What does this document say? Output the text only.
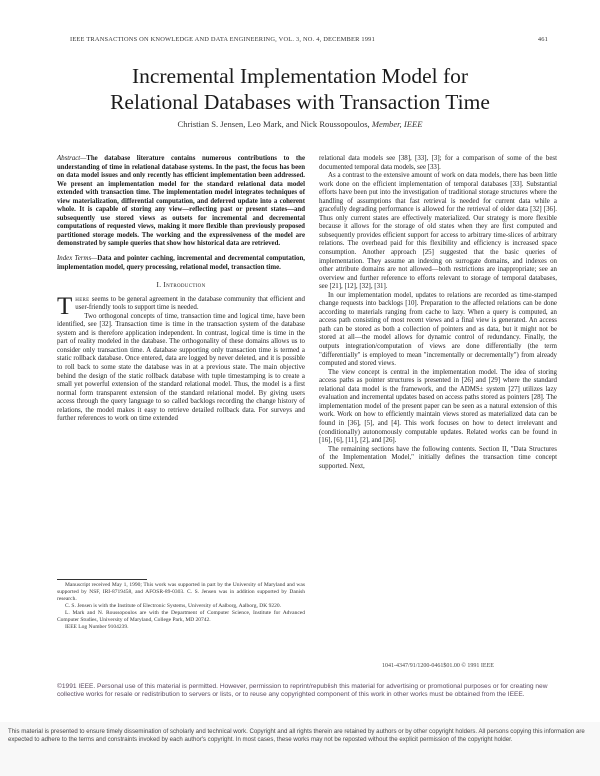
IEEE TRANSACTIONS ON KNOWLEDGE AND DATA ENGINEERING, VOL. 3, NO. 4, DECEMBER 1991	461
Incremental Implementation Model for
Relational Databases with Transaction Time
Christian S. Jensen, Leo Mark, and Nick Roussopoulos, Member, IEEE
Abstract—The database literature contains numerous contributions to the understanding of time in relational database systems. In the past, the focus has been on data model issues and only recently has efficient implementation been addressed. We present an implementation model for the standard relational data model extended with transaction time. The implementation model integrates techniques of view materialization, differential computation, and deferred update into a coherent whole. It is capable of storing any view—reflecting past or present states—and subsequently use stored views as outsets for incremental and decremental computations of requested views, making it more flexible than previously proposed partitioned storage models. The working and the expressiveness of the model are demonstrated by sample queries that show how historical data are retrieved.
Index Terms—Data and pointer caching, incremental and decremental computation, implementation model, query processing, relational model, transaction time.
I. Introduction

There seems to be general agreement in the database community that efficient and user-friendly tools to support time is needed.

Two orthogonal concepts of time, transaction time and logical time, have been identified, see [32]. Transaction time is time in the transaction system of the database system and is therefore application independent. In contrast, logical time is time in the part of reality modeled in the database. The orthogonality of these domains allows us to consider only transaction time. A database supporting only transaction time is termed a static rollback database. Once entered, data are logged by never deleted, and it is possible to roll back to some state the database was in at a previous state. The main objective behind the design of the static rollback database with tuple timestamping is to create a small yet powerful extension of the standard relational model. Thus, the model is a first normal form transparent extension of the standard relational model. By giving users access through the query language to so called backlogs recording the change history of relations, the model makes it easy to retrieve detailed rollback data. For surveys and further references to work on time extended

Manuscript received May 1, 1990; This work was supported in part by the University of Maryland and was supported by NSF, IRI-8719458, and AFOSR-89-0303. C. S. Jensen was in addition supported by Danish research.

C. S. Jensen is with the Institute of Electronic Systems, University of Aalborg, Aalborg, DK 9220.

L. Mark and N. Roussopoulos are with the Department of Computer Science, Institute for Advanced Computer Studies, University of Maryland, College Park, MD 20742.

IEEE Log Number 9104239.

relational data models see [38], [33], [3]; for a comparison of some of the best documented temporal data models, see [33].

As a contrast to the extensive amount of work on data models, there has been little work done on the efficient implementation of temporal databases [33]. Substantial efforts have been put into the investigation of traditional storage structures where the handling of assumptions that fast retrieval is needed for current data while a gracefully degrading performance is allowed for the retrieval of older data [32] [36]. Thus only current states are effectively materialized. Our strategy is more flexible because it allows for the storage of old states when they are first computed and subsequently provides efficient support for access to arbitrary time-slices of arbitrary relations. The overhead paid for this flexibility and efficiency is increased space consumption. Another approach [25] suggested that the basic queries of implementation. They assume an indexing on surrogate domains, and indexes on other attribute domains are not allowed—both restrictions are inappropriate; see an overview and further reference to efforts relevant to storage of temporal databases, see [21], [12], [32], [31].

In our implementation model, updates to relations are recorded as time-stamped change requests into backlogs [10]. Preparation to the affected relations can be done according to materials ranging from cache to lazy. When a query is computed, an access path consisting of most recent views and a final view is generated. An access path can be stored as both a collection of pointers and as data, but it might not be stored at all—the model allows for dynamic control of redundancy. Finally, the outputs integration/computation of views are done differentially (the term "differentially" is employed to mean "incrementally or decrementally") from already computed and stored views.

The view concept is central in the implementation model. The idea of storing access paths as pointer structures is presented in [26] and [29] where the standard relational data model is the framework, and the ADMS± system [27] utilizes lazy evaluation and incremental updates based on access paths stored as pointers [28]. The implementation model of the present paper can be seen as a natural extension of this work. Work on how to efficiently maintain views stored as materialized data can be found in [36], [5], and [4]. This work focuses on how to detect irrelevant and (conditionally) autonomously computable updates. Related works can be found in [16], [6], [11], [2], and [26].

The remaining sections have the following contents. Section II, "Data Structures of the Implementation Model," initially defines the transaction time concept supported. Next,

1041-4347/91/1200-0461$01.00 © 1991 IEEE
©1991 IEEE. Personal use of this material is permitted. However, permission to reprint/republish this material for advertising or promotional purposes or for creating new collective works for resale or redistribution to servers or lists, or to reuse any copyrighted component of this work in other works must be obtained from the IEEE.

This material is presented to ensure timely dissemination of scholarly and technical work. Copyright and all rights therein are retained by authors or by other copyright holders. All persons copying this information are expected to adhere to the terms and constraints invoked by each author's copyright. In most cases, these works may not be reposted without the explicit permission of the copyright holder.
